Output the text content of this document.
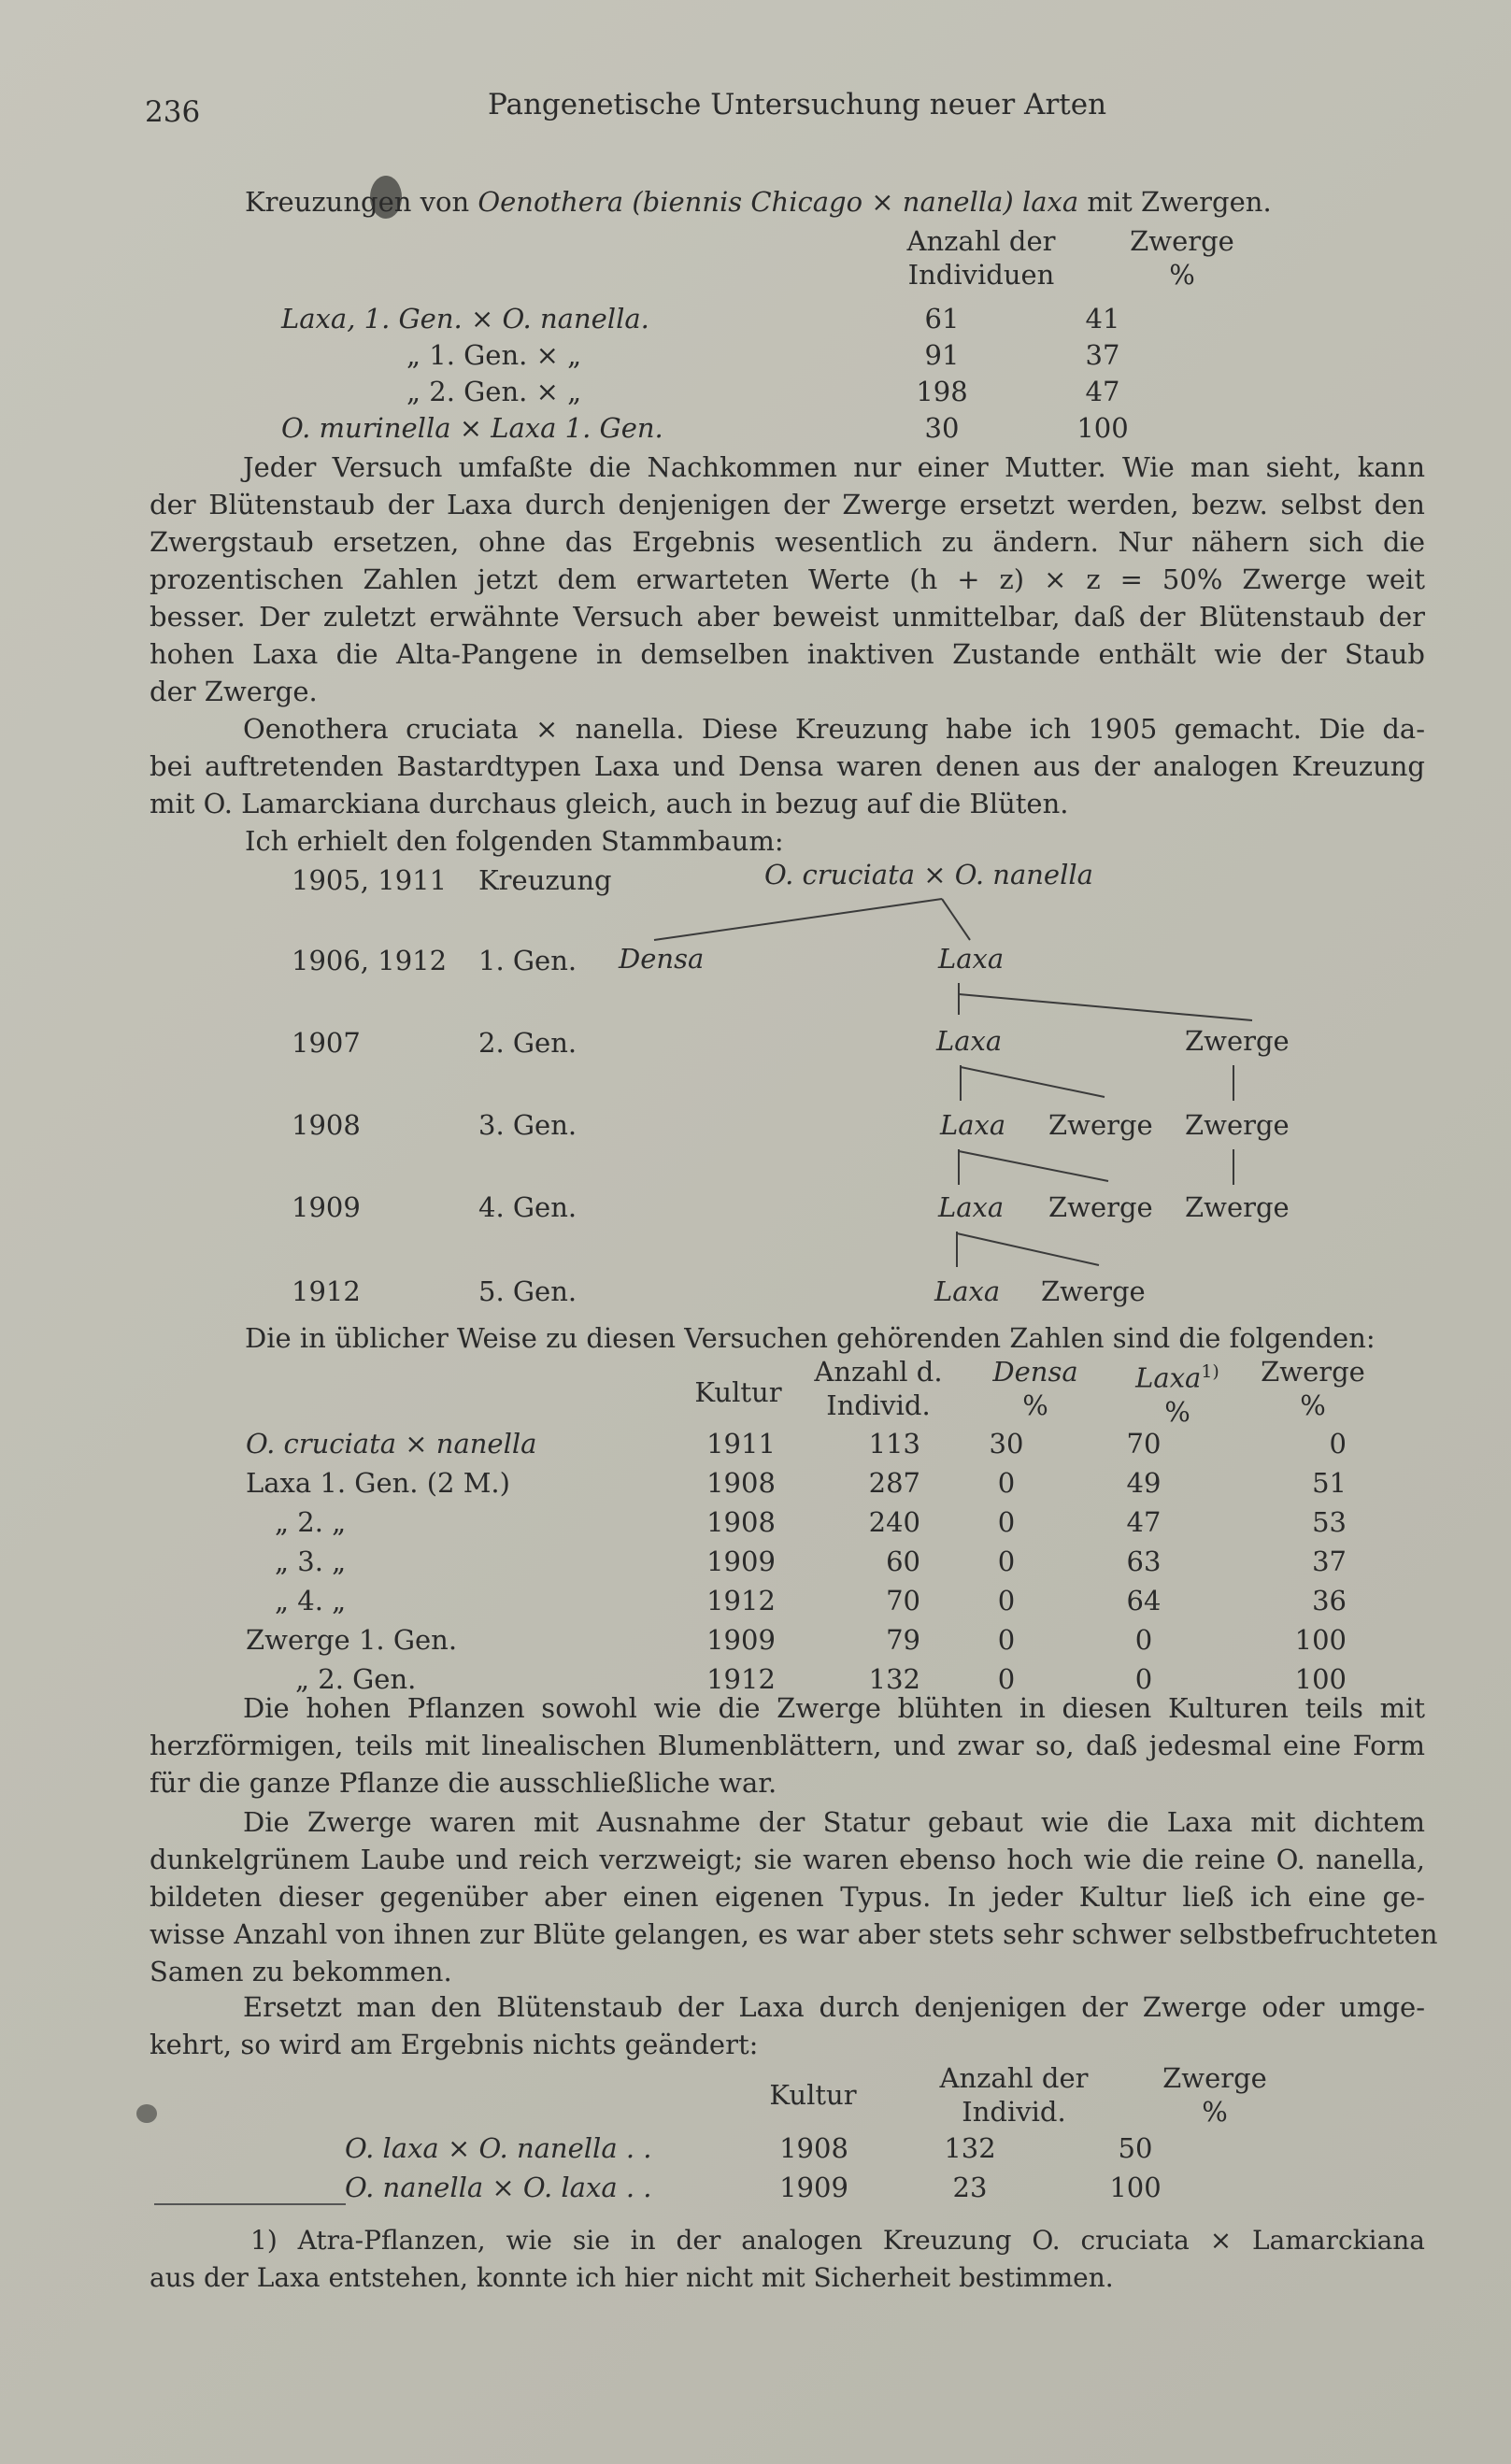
236	Pangenetische Untersuchung neuer Arten
Kreuzungen von Oenothera (biennis Chicago × nanella) laxa mit Zwergen.
Anzahl der
Individuen
Zwerge
%
Laxa, 1. Gen. × O. nanella.	61	41
„ 1. Gen. × „	91	37
„ 2. Gen. × „	198	47
O. murinella × Laxa 1. Gen.	30	100
Jeder Versuch umfaßte die Nachkommen nur einer Mutter. Wie man sieht, kann
der Blütenstaub der Laxa durch denjenigen der Zwerge ersetzt werden, bezw. selbst den
Zwergstaub ersetzen, ohne das Ergebnis wesentlich zu ändern. Nur nähern sich die
prozentischen Zahlen jetzt dem erwarteten Werte (h + z) × z = 50% Zwerge weit
besser. Der zuletzt erwähnte Versuch aber beweist unmittelbar, daß der Blütenstaub der
hohen Laxa die Alta-Pangene in demselben inaktiven Zustande enthält wie der Staub
der Zwerge.
Oenothera cruciata × nanella. Diese Kreuzung habe ich 1905 gemacht. Die da-
bei auftretenden Bastardtypen Laxa und Densa waren denen aus der analogen Kreuzung
mit O. Lamarckiana durchaus gleich, auch in bezug auf die Blüten.
Ich erhielt den folgenden Stammbaum:
1905, 1911 Kreuzung	O. cruciata × O. nanella
1906, 1912 1. Gen. Densa	Laxa
1907	2. Gen.	Laxa	Zwerge
1908	3. Gen.	Laxa Zwerge Zwerge
1909	4. Gen.	Laxa Zwerge Zwerge
1912	5. Gen.	Laxa Zwerge
Die in üblicher Weise zu diesen Versuchen gehörenden Zahlen sind die folgenden:
Kultur
Anzahl d.
Individ.
Densa
%
Laxa$^{1)}$
%
Zwerge
%
O. cruciata × nanella	1911	113	30	70	0
Laxa 1. Gen. (2 M.)	1908	287	0	49	51
„ 2. „	1908	240	0	47	53
„ 3. „	1909	60	0	63	37
„ 4. „	1912	70	0	64	36
Zwerge 1. Gen.	1909	79	0	0	100
„ 2. Gen.	1912	132	0	0	100
Die hohen Pflanzen sowohl wie die Zwerge blühten in diesen Kulturen teils mit
herzförmigen, teils mit linealischen Blumenblättern, und zwar so, daß jedesmal eine Form
für die ganze Pflanze die ausschließliche war.
Die Zwerge waren mit Ausnahme der Statur gebaut wie die Laxa mit dichtem
dunkelgrünem Laube und reich verzweigt; sie waren ebenso hoch wie die reine O. nanella,
bildeten dieser gegenüber aber einen eigenen Typus. In jeder Kultur ließ ich eine ge-
wisse Anzahl von ihnen zur Blüte gelangen, es war aber stets sehr schwer selbstbefruchteten
Samen zu bekommen.
Ersetzt man den Blütenstaub der Laxa durch denjenigen der Zwerge oder umge-
kehrt, so wird am Ergebnis nichts geändert:
Kultur
Anzahl der
Individ.
Zwerge
%
O. laxa × O. nanella . .	1908	132	50
O. nanella × O. laxa . .	1909	23	100
1) Atra-Pflanzen, wie sie in der analogen Kreuzung O. cruciata × Lamarckiana
aus der Laxa entstehen, konnte ich hier nicht mit Sicherheit bestimmen.
